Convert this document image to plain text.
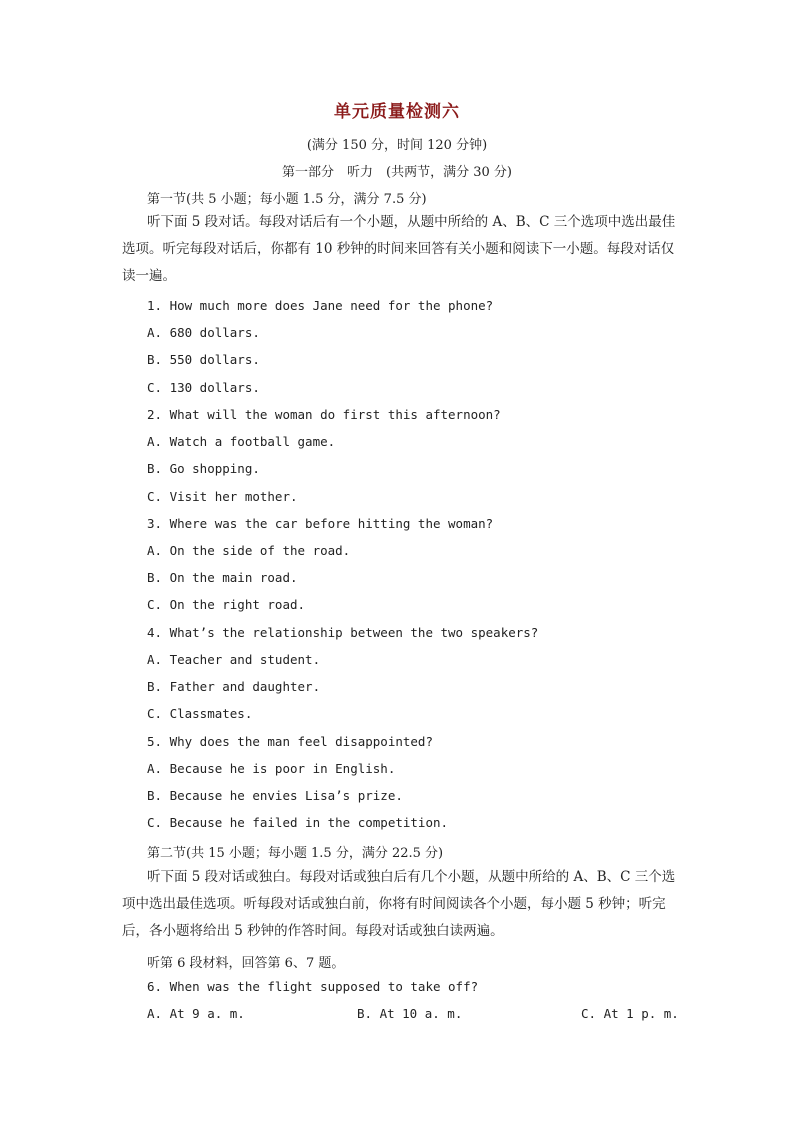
单元质量检测六
(满分 150 分，时间 120 分钟)
第一部分　听力　(共两节，满分 30 分)
第一节(共 5 小题；每小题 1.5 分，满分 7.5 分)
听下面 5 段对话。每段对话后有一个小题，从题中所给的 A、B、C 三个选项中选出最佳选项。听完每段对话后，你都有 10 秒钟的时间来回答有关小题和阅读下一小题。每段对话仅读一遍。
1. How much more does Jane need for the phone?
A. 680 dollars.
B. 550 dollars.
C. 130 dollars.
2. What will the woman do first this afternoon?
A. Watch a football game.
B. Go shopping.
C. Visit her mother.
3. Where was the car before hitting the woman?
A. On the side of the road.
B. On the main road.
C. On the right road.
4. What’s the relationship between the two speakers?
A. Teacher and student.
B. Father and daughter.
C. Classmates.
5. Why does the man feel disappointed?
A. Because he is poor in English.
B. Because he envies Lisa’s prize.
C. Because he failed in the competition.
第二节(共 15 小题；每小题 1.5 分，满分 22.5 分)
听下面 5 段对话或独白。每段对话或独白后有几个小题，从题中所给的 A、B、C 三个选项中选出最佳选项。听每段对话或独白前，你将有时间阅读各个小题，每小题 5 秒钟；听完后，各小题将给出 5 秒钟的作答时间。每段对话或独白读两遍。
听第 6 段材料，回答第 6、7 题。
6. When was the flight supposed to take off?
A. At 9 a. m.	B. At 10 a. m.	C. At 1 p. m.
